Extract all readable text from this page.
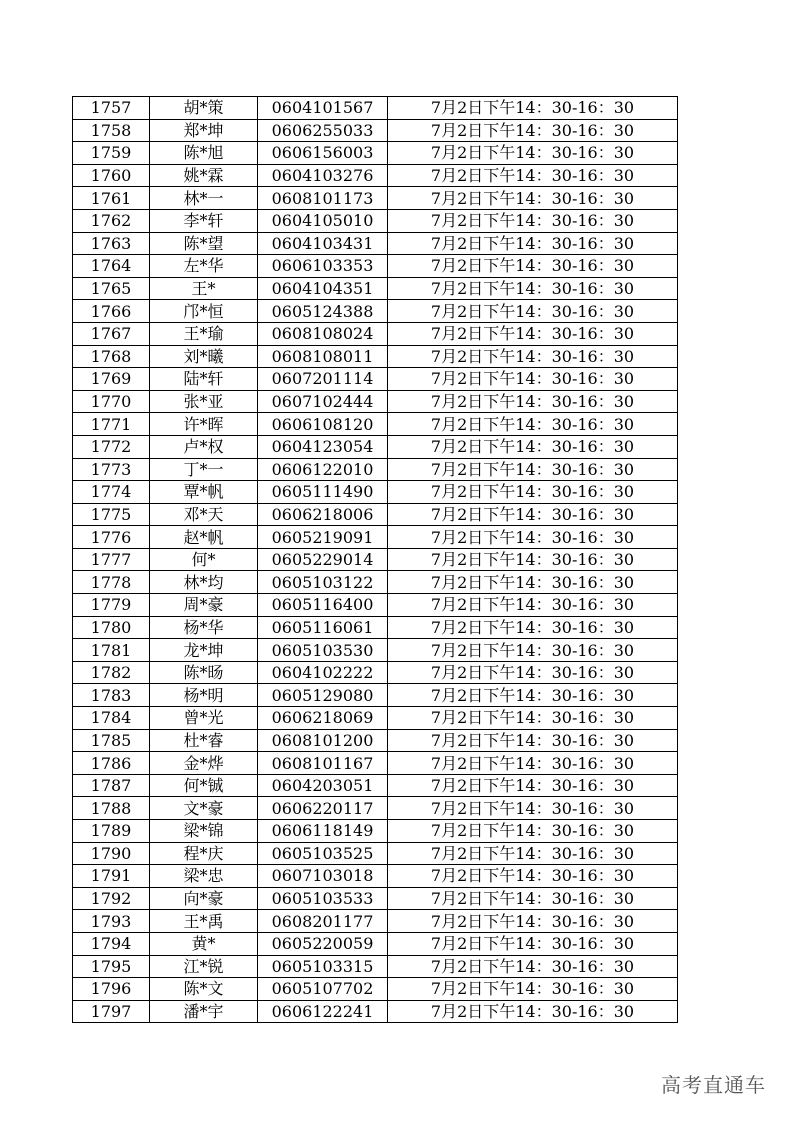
1757	胡*策	0604101567	7月2日下午14：30-16：30
1758	郑*坤	0606255033	7月2日下午14：30-16：30
1759	陈*旭	0606156003	7月2日下午14：30-16：30
1760	姚*霖	0604103276	7月2日下午14：30-16：30
1761	林*一	0608101173	7月2日下午14：30-16：30
1762	李*轩	0604105010	7月2日下午14：30-16：30
1763	陈*望	0604103431	7月2日下午14：30-16：30
1764	左*华	0606103353	7月2日下午14：30-16：30
1765	王*	0604104351	7月2日下午14：30-16：30
1766	邝*恒	0605124388	7月2日下午14：30-16：30
1767	王*瑜	0608108024	7月2日下午14：30-16：30
1768	刘*曦	0608108011	7月2日下午14：30-16：30
1769	陆*轩	0607201114	7月2日下午14：30-16：30
1770	张*亚	0607102444	7月2日下午14：30-16：30
1771	许*晖	0606108120	7月2日下午14：30-16：30
1772	卢*权	0604123054	7月2日下午14：30-16：30
1773	丁*一	0606122010	7月2日下午14：30-16：30
1774	覃*帆	0605111490	7月2日下午14：30-16：30
1775	邓*天	0606218006	7月2日下午14：30-16：30
1776	赵*帆	0605219091	7月2日下午14：30-16：30
1777	何*	0605229014	7月2日下午14：30-16：30
1778	林*均	0605103122	7月2日下午14：30-16：30
1779	周*豪	0605116400	7月2日下午14：30-16：30
1780	杨*华	0605116061	7月2日下午14：30-16：30
1781	龙*坤	0605103530	7月2日下午14：30-16：30
1782	陈*旸	0604102222	7月2日下午14：30-16：30
1783	杨*明	0605129080	7月2日下午14：30-16：30
1784	曾*光	0606218069	7月2日下午14：30-16：30
1785	杜*睿	0608101200	7月2日下午14：30-16：30
1786	金*烨	0608101167	7月2日下午14：30-16：30
1787	何*铖	0604203051	7月2日下午14：30-16：30
1788	文*豪	0606220117	7月2日下午14：30-16：30
1789	梁*锦	0606118149	7月2日下午14：30-16：30
1790	程*庆	0605103525	7月2日下午14：30-16：30
1791	梁*忠	0607103018	7月2日下午14：30-16：30
1792	向*豪	0605103533	7月2日下午14：30-16：30
1793	王*禹	0608201177	7月2日下午14：30-16：30
1794	黄*	0605220059	7月2日下午14：30-16：30
1795	江*锐	0605103315	7月2日下午14：30-16：30
1796	陈*文	0605107702	7月2日下午14：30-16：30
1797	潘*宇	0606122241	7月2日下午14：30-16：30
高考直通车
